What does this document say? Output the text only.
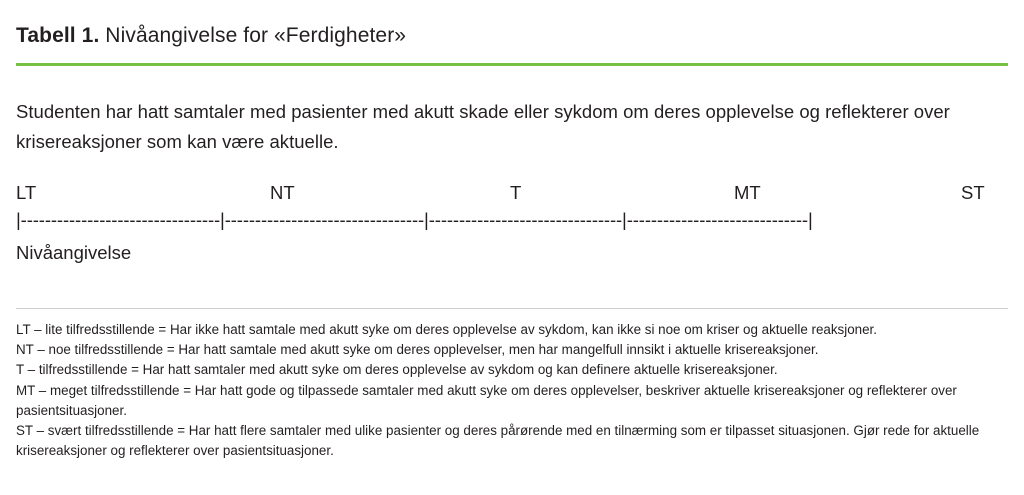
Tabell 1. Nivåangivelse for «Ferdigheter»

Studenten har hatt samtaler med pasienter med akutt skade eller sykdom om deres opplevelse og reflekterer over krisereaksjoner som kan være aktuelle.

LT	NT	T	MT	ST
|---------------------------------|---------------------------------|--------------------------------|------------------------------|
Nivåangivelse

LT – lite tilfredsstillende = Har ikke hatt samtale med akutt syke om deres opplevelse av sykdom, kan ikke si noe om kriser og aktuelle reaksjoner.

NT – noe tilfredsstillende = Har hatt samtale med akutt syke om deres opplevelser, men har mangelfull innsikt i aktuelle krisereaksjoner.

T – tilfredsstillende = Har hatt samtaler med akutt syke om deres opplevelse av sykdom og kan definere aktuelle krisereaksjoner.

MT – meget tilfredsstillende = Har hatt gode og tilpassede samtaler med akutt syke om deres opplevelser, beskriver aktuelle krisereaksjoner og reflekterer over pasientsituasjoner.

ST – svært tilfredsstillende = Har hatt flere samtaler med ulike pasienter og deres pårørende med en tilnærming som er tilpasset situasjonen. Gjør rede for aktuelle krisereaksjoner og reflekterer over pasientsituasjoner.
